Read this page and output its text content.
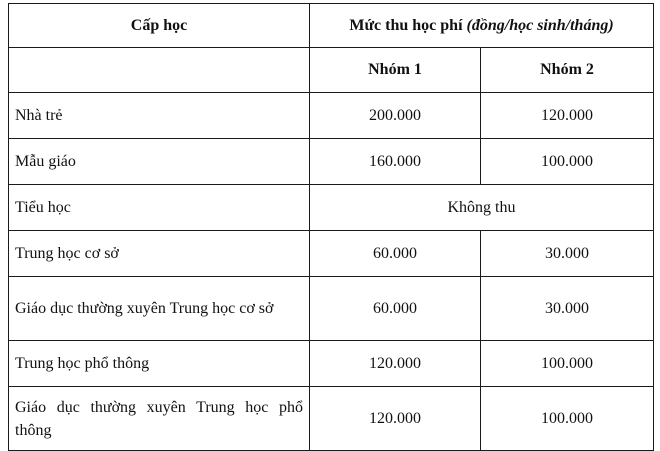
Cấp học	Mức thu học phí (đồng/học sinh/tháng)	
	Nhóm 1	Nhóm 2
Nhà trẻ	200.000	120.000
Mẫu giáo	160.000	100.000
Tiểu học	Không thu	
Trung học cơ sở	60.000	30.000
Giáo dục thường xuyên Trung học cơ sở	60.000	30.000
Trung học phổ thông	120.000	100.000
Giáo dục thường xuyên Trung học phổ thông	120.000	100.000
